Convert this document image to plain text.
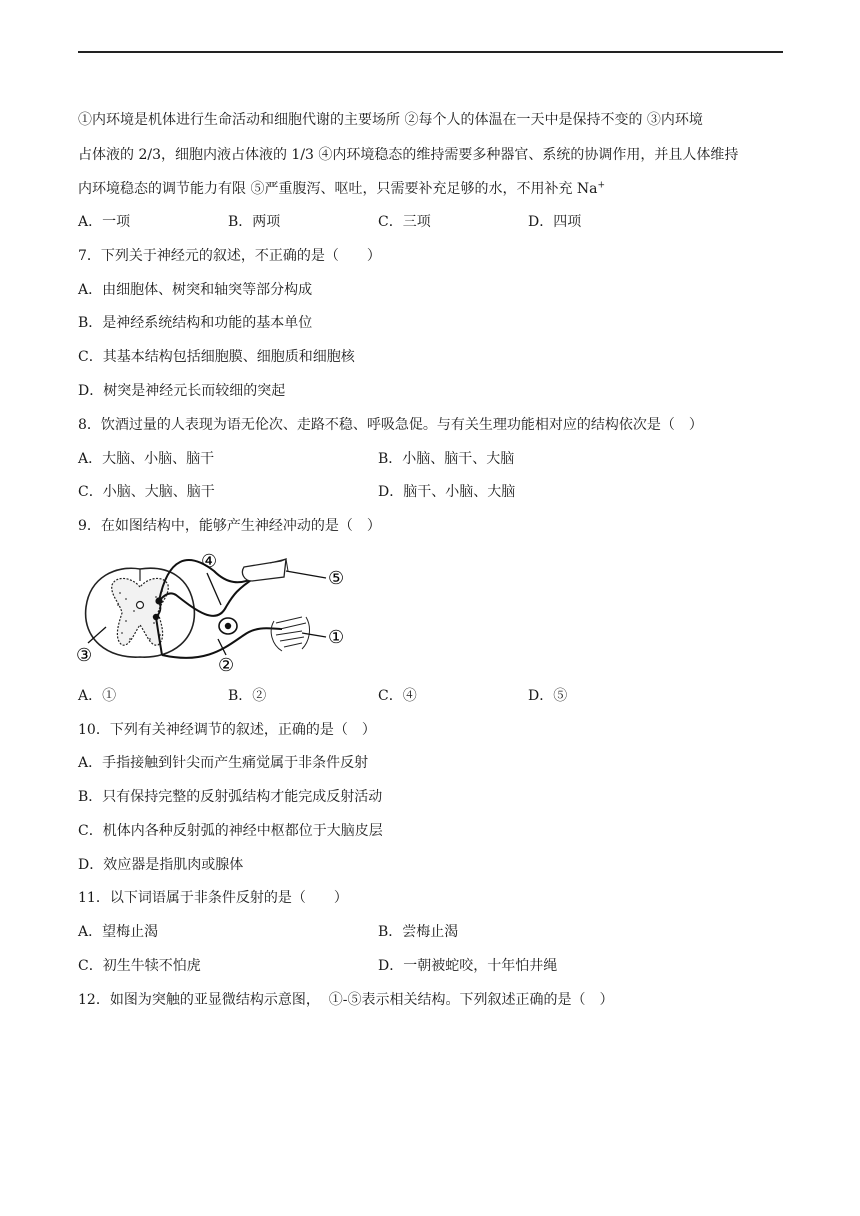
①内环境是机体进行生命活动和细胞代谢的主要场所 ②每个人的体温在一天中是保持不变的 ③内环境
占体液的 2/3，细胞内液占体液的 1/3 ④内环境稳态的维持需要多种器官、系统的协调作用，并且人体维持
内环境稳态的调节能力有限 ⑤严重腹泻、呕吐，只需要补充足够的水，不用补充 Na+
A．一项	B．两项	C．三项	D．四项
7．下列关于神经元的叙述，不正确的是（　　）
A．由细胞体、树突和轴突等部分构成
B．是神经系统结构和功能的基本单位
C．其基本结构包括细胞膜、细胞质和细胞核
D．树突是神经元长而较细的突起
8．饮酒过量的人表现为语无伦次、走路不稳、呼吸急促。与有关生理功能相对应的结构依次是（　）
A．大脑、小脑、脑干	B．小脑、脑干、大脑
C．小脑、大脑、脑干	D．脑干、小脑、大脑
9．在如图结构中，能够产生神经冲动的是（　）
④
⑤
①
③	②
A．①	B．②	C．④	D．⑤
10．下列有关神经调节的叙述，正确的是（　）
A．手指接触到针尖而产生痛觉属于非条件反射
B．只有保持完整的反射弧结构才能完成反射活动
C．机体内各种反射弧的神经中枢都位于大脑皮层
D．效应器是指肌肉或腺体
11．以下词语属于非条件反射的是（　　）
A．望梅止渴	B．尝梅止渴
C．初生牛犊不怕虎	D．一朝被蛇咬，十年怕井绳
12．如图为突触的亚显微结构示意图，  ①-⑤表示相关结构。下列叙述正确的是（　）
